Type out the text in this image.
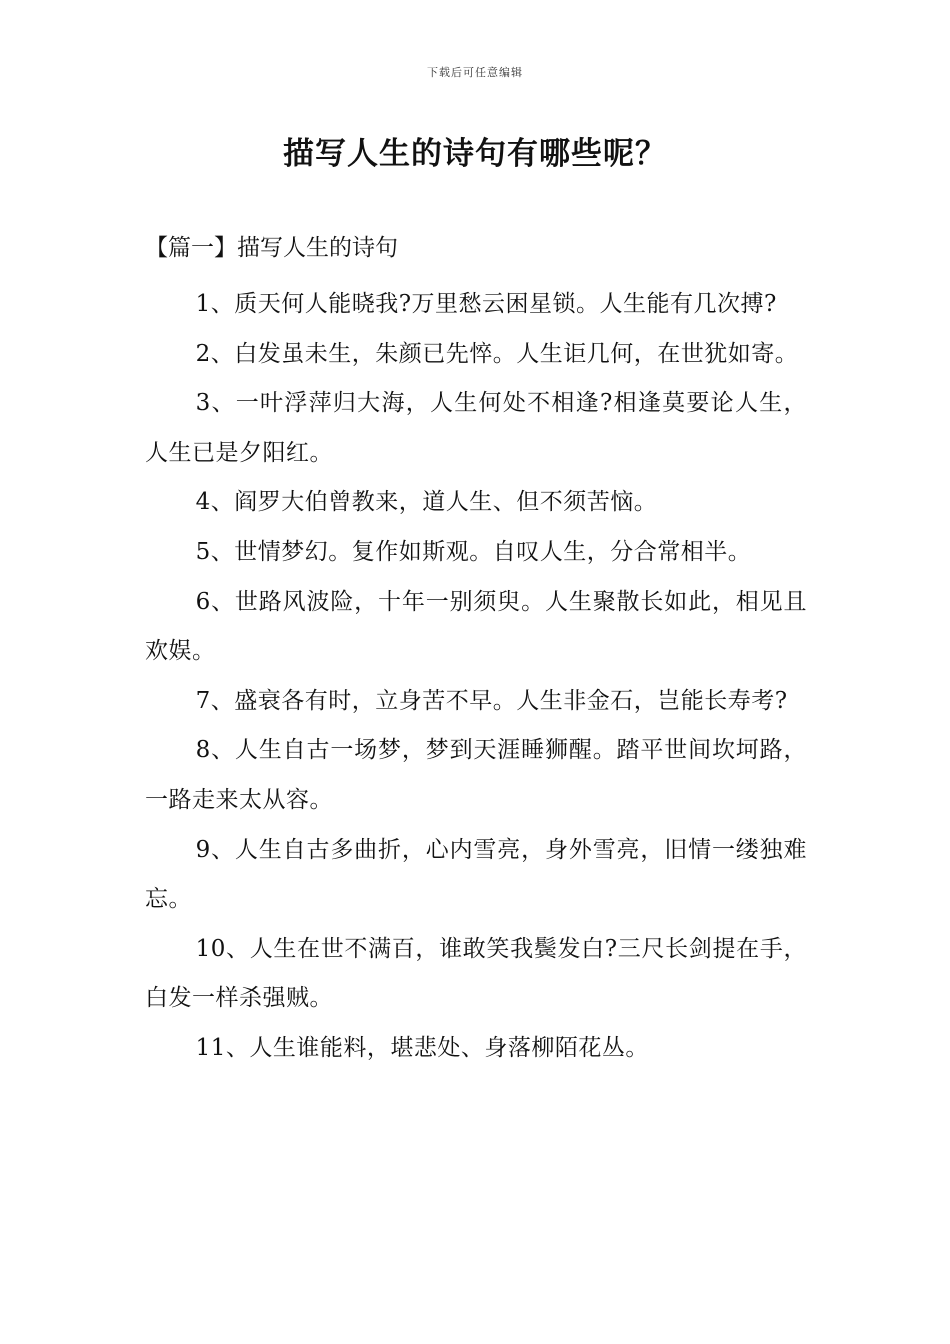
下载后可任意编辑
描写人生的诗句有哪些呢？
【篇一】描写人生的诗句
1、质天何人能晓我?万里愁云困星锁。人生能有几次搏?
2、白发虽未生，朱颜已先悴。人生讵几何，在世犹如寄。
3、一叶浮萍归大海，人生何处不相逢?相逢莫要论人生，人生已是夕阳红。
4、阎罗大伯曾教来，道人生、但不须苦恼。
5、世情梦幻。复作如斯观。自叹人生，分合常相半。
6、世路风波险，十年一别须臾。人生聚散长如此，相见且欢娱。
7、盛衰各有时，立身苦不早。人生非金石，岂能长寿考?
8、人生自古一场梦，梦到天涯睡狮醒。踏平世间坎坷路，一路走来太从容。
9、人生自古多曲折，心内雪亮，身外雪亮，旧情一缕独难忘。
10、人生在世不满百，谁敢笑我鬓发白?三尺长剑提在手，白发一样杀强贼。
11、人生谁能料，堪悲处、身落柳陌花丛。
